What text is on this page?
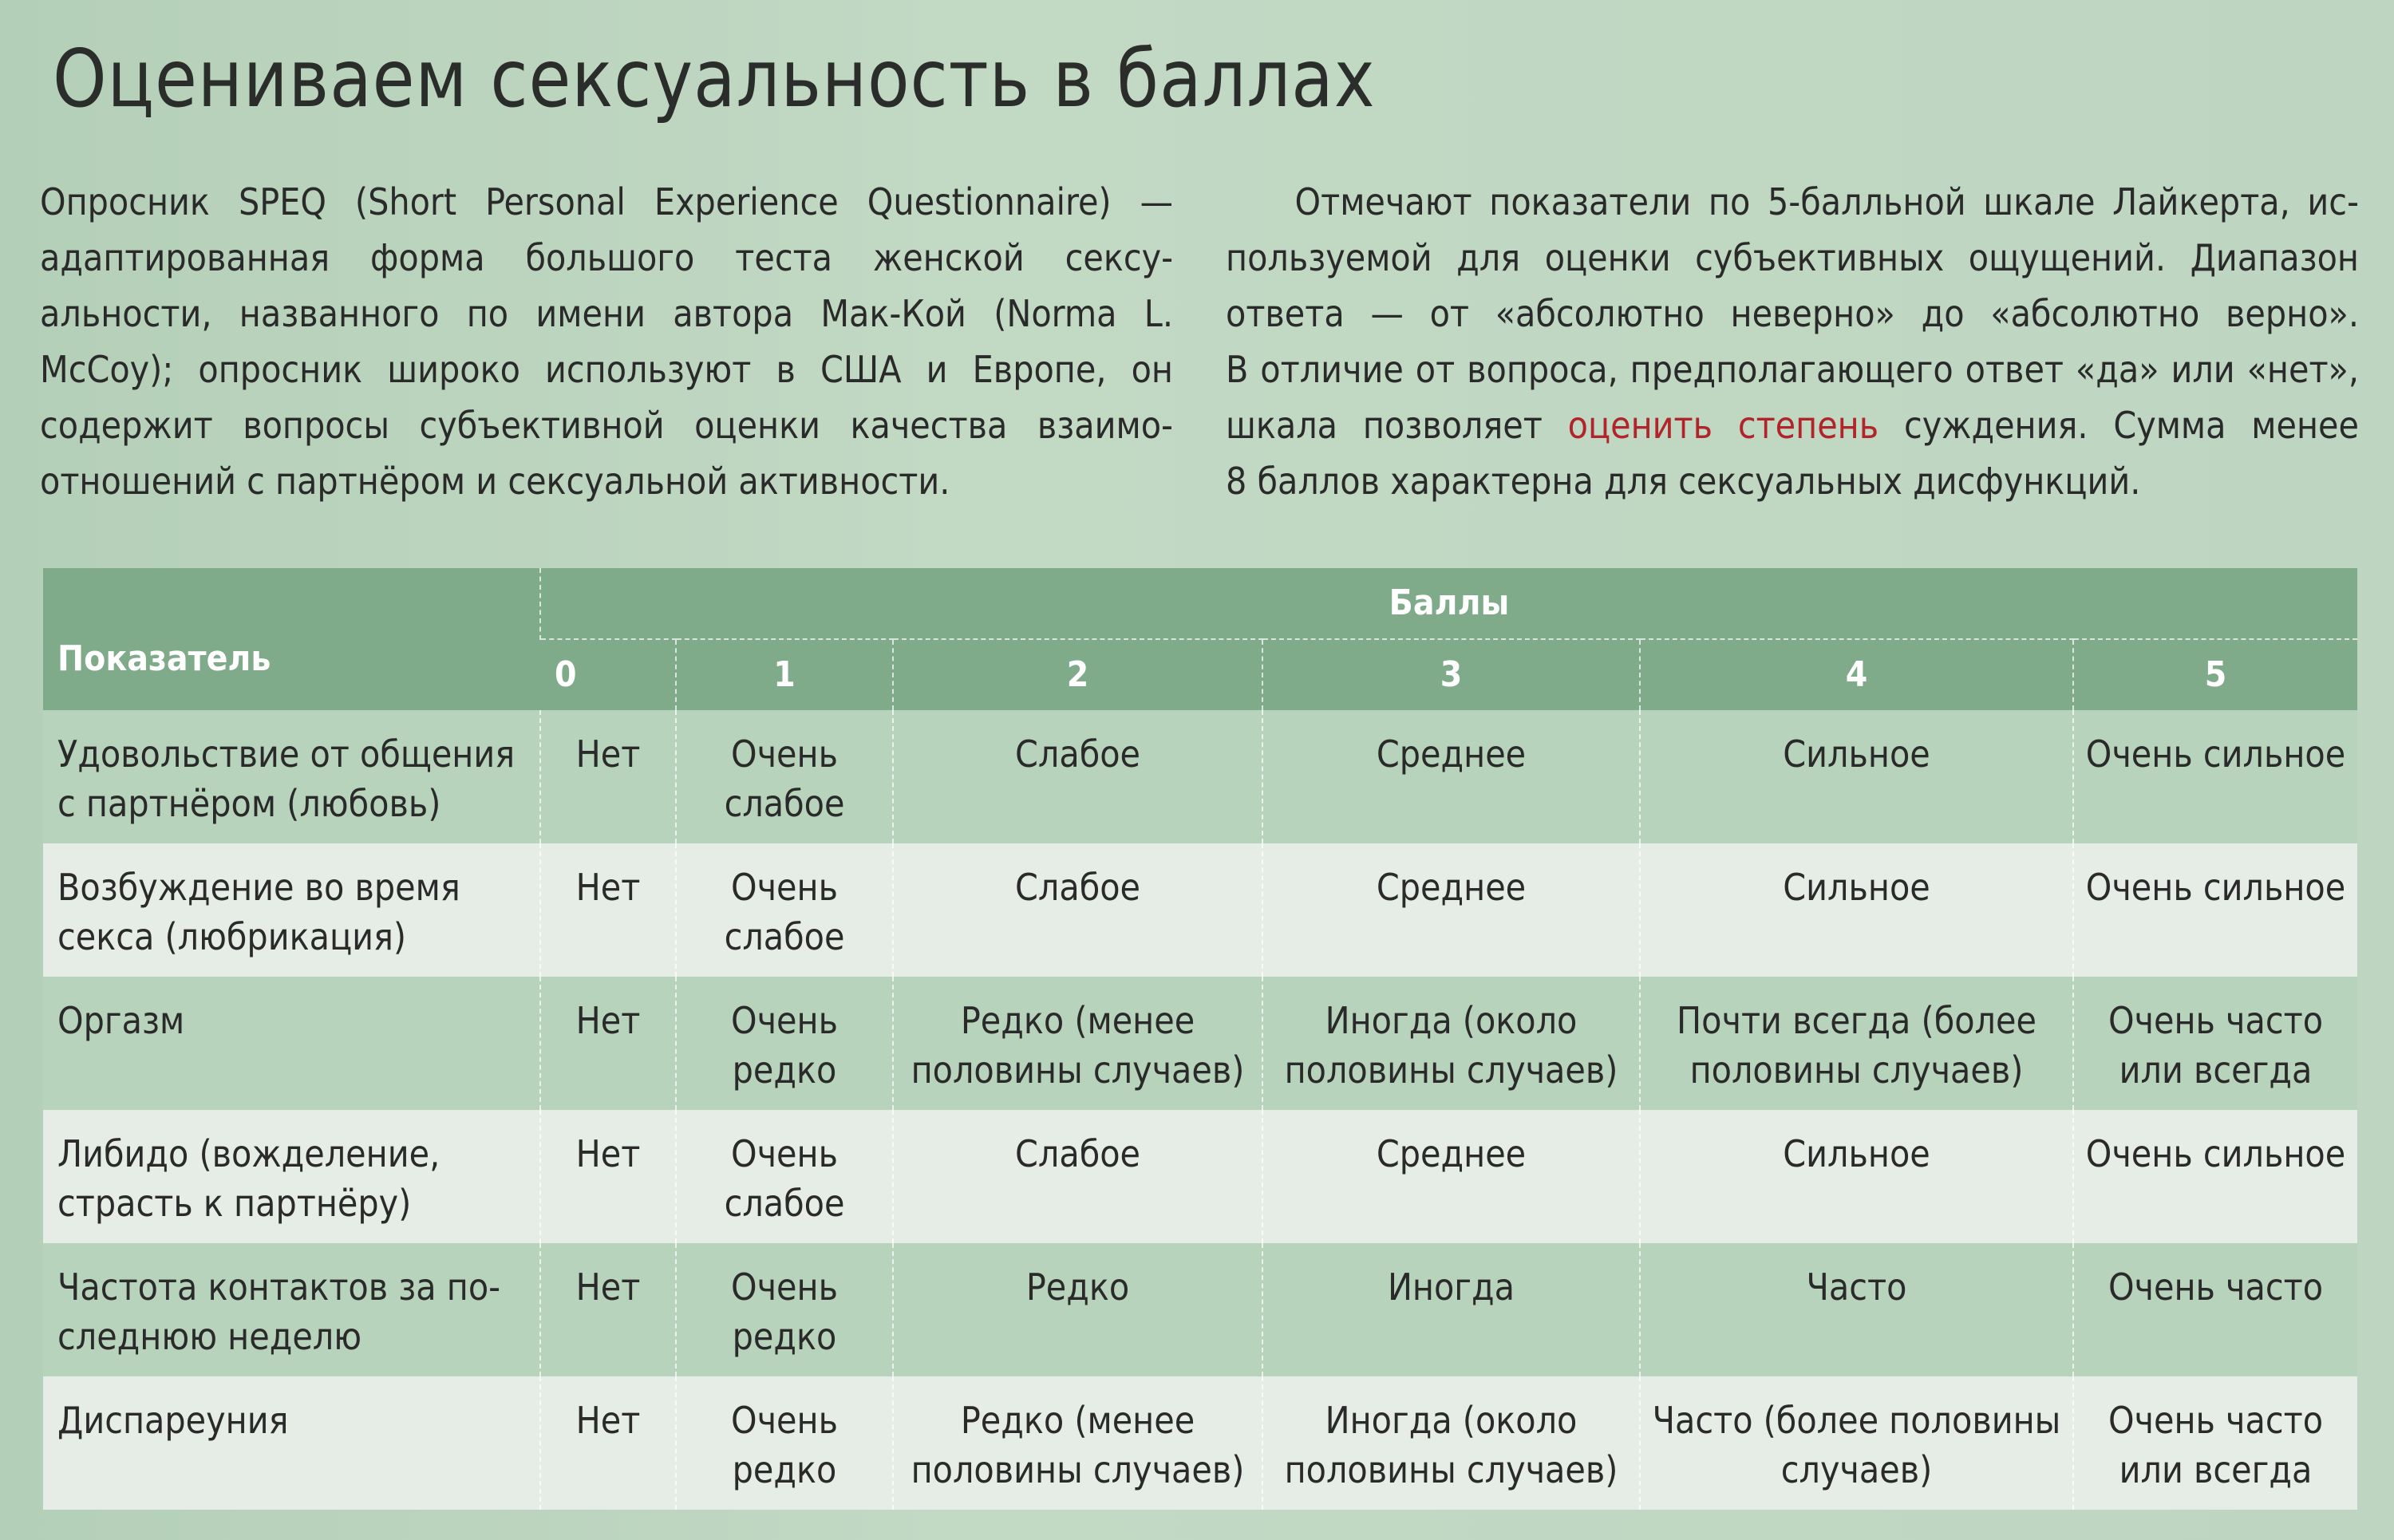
Оцениваем сексуальность в баллах
Опросник SPEQ (Short Personal Experience Questionnaire) —
адаптированная форма большого теста женской сексу-
альности, названного по имени автора Мак-Кой (Norma L.
McCoy); опросник широко используют в США и Европе, он
содержит вопросы субъективной оценки качества взаимо-
отношений с партнёром и сексуальной активности.
Отмечают показатели по 5-балльной шкале Лайкерта, ис-
пользуемой для оценки субъективных ощущений. Диапазон
ответа — от «абсолютно неверно» до «абсолютно верно».
В отличие от вопроса, предполагающего ответ «да» или «нет»,
шкала позволяет оценить степень суждения. Сумма менее
8 баллов характерна для сексуальных дисфункций.
Показатель	Баллы					
	0	1	2	3	4	5
Удовольствие от общения с партнёром (любовь)	Нет	Очень слабое	Слабое	Среднее	Сильное	Очень сильное
Возбуждение во время секса (любрикация)	Нет	Очень слабое	Слабое	Среднее	Сильное	Очень сильное
Оргазм	Нет	Очень редко	Редко (менее половины случаев)	Иногда (около половины случаев)	Почти всегда (более половины случаев)	Очень часто или всегда
Либидо (вожделение, страсть к партнёру)	Нет	Очень слабое	Слабое	Среднее	Сильное	Очень сильное
Частота контактов за по-следнюю неделю	Нет	Очень редко	Редко	Иногда	Часто	Очень часто
Диспареуния	Нет	Очень редко	Редко (менее половины случаев)	Иногда (около половины случаев)	Часто (более половины случаев)	Очень часто или всегда
